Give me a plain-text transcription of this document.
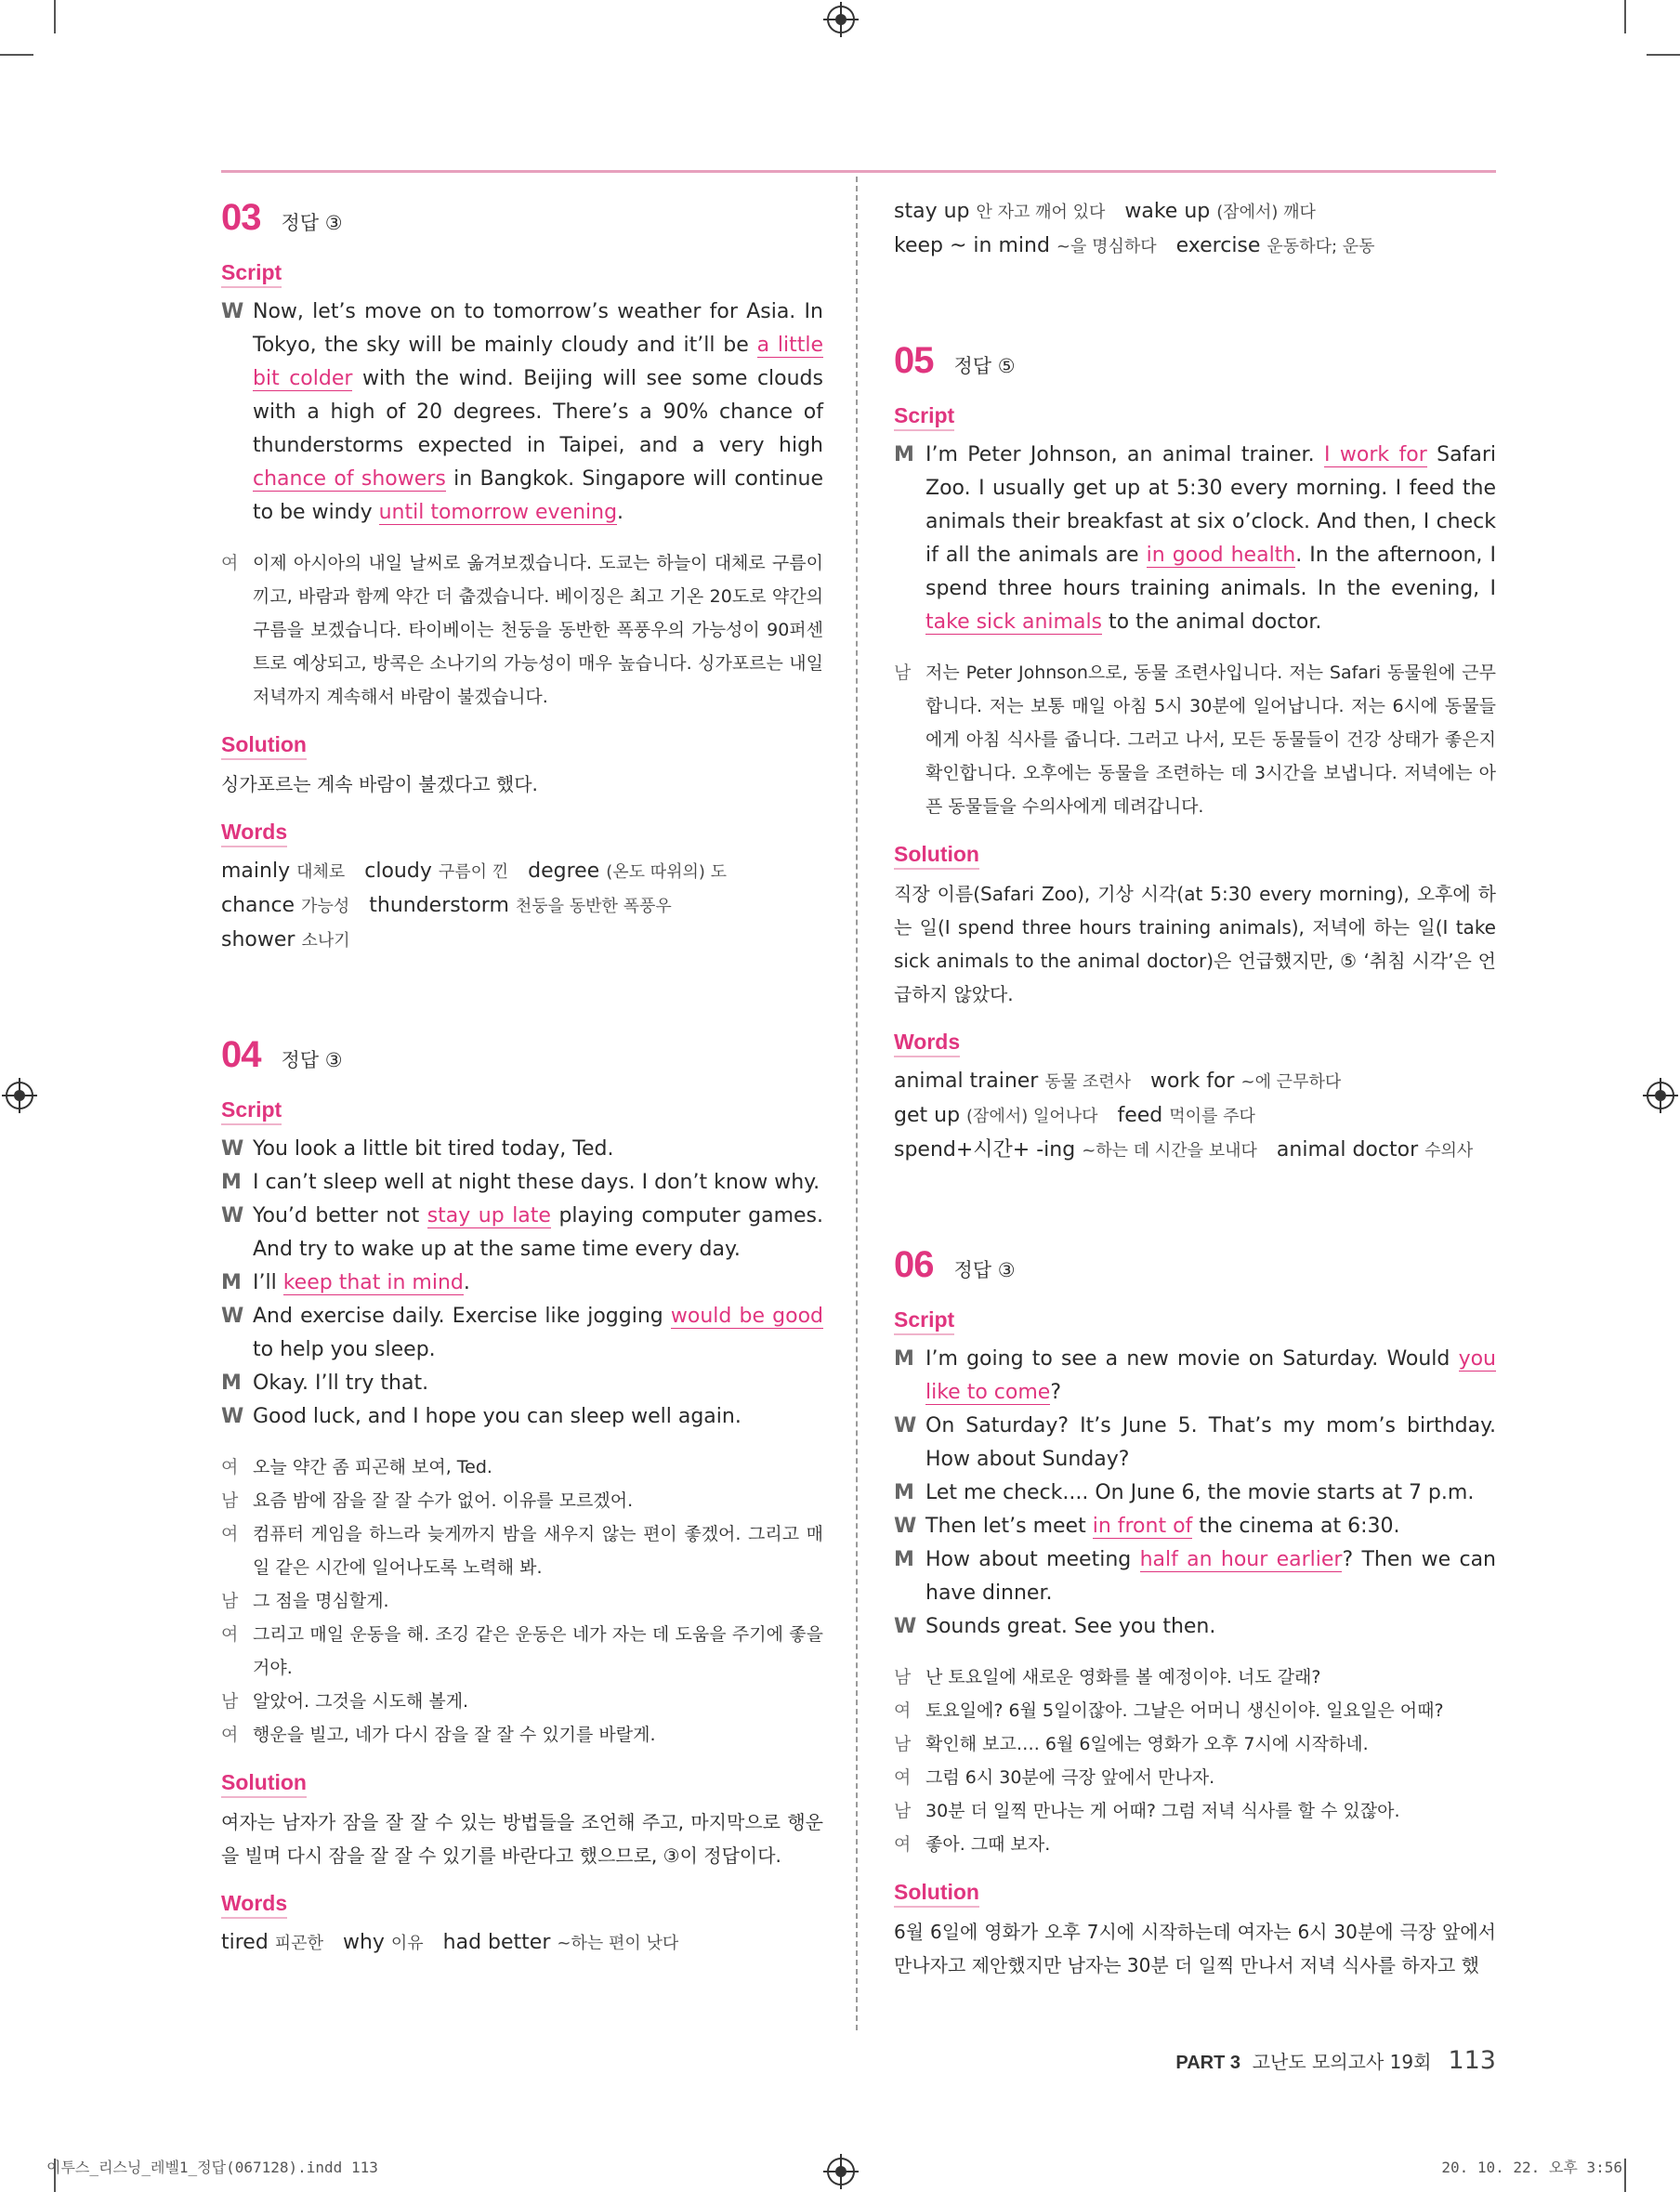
03 정답 ③
Script
W Now, let’s move on to tomorrow’s weather for Asia. In Tokyo, the sky will be mainly cloudy and it’ll be a little bit colder with the wind. Beijing will see some clouds with a high of 20 degrees. There’s a 90% chance of thunderstorms expected in Taipei, and a very high chance of showers in Bangkok. Singapore will continue to be windy until tomorrow evening.
여 이제 아시아의 내일 날씨로 옮겨보겠습니다. 도쿄는 하늘이 대체로 구름이 끼고, 바람과 함께 약간 더 춥겠습니다. 베이징은 최고 기온 20도로 약간의 구름을 보겠습니다. 타이베이는 천둥을 동반한 폭풍우의 가능성이 90퍼센트로 예상되고, 방콕은 소나기의 가능성이 매우 높습니다. 싱가포르는 내일 저녁까지 계속해서 바람이 불겠습니다.
Solution
싱가포르는 계속 바람이 불겠다고 했다.
Words
mainly 대체로   cloudy 구름이 낀   degree (온도 따위의) 도
chance 가능성   thunderstorm 천둥을 동반한 폭풍우
shower 소나기
04 정답 ③
Script
W You look a little bit tired today, Ted.
M I can’t sleep well at night these days. I don’t know why.
W You’d better not stay up late playing computer games. And try to wake up at the same time every day.
M I’ll keep that in mind.
W And exercise daily. Exercise like jogging would be good to help you sleep.
M Okay. I’ll try that.
W Good luck, and I hope you can sleep well again.
여 오늘 약간 좀 피곤해 보여, Ted.
남 요즘 밤에 잠을 잘 잘 수가 없어. 이유를 모르겠어.
여 컴퓨터 게임을 하느라 늦게까지 밤을 새우지 않는 편이 좋겠어. 그리고 매일 같은 시간에 일어나도록 노력해 봐.
남 그 점을 명심할게.
여 그리고 매일 운동을 해. 조깅 같은 운동은 네가 자는 데 도움을 주기에 좋을 거야.
남 알았어. 그것을 시도해 볼게.
여 행운을 빌고, 네가 다시 잠을 잘 잘 수 있기를 바랄게.
Solution
여자는 남자가 잠을 잘 잘 수 있는 방법들을 조언해 주고, 마지막으로 행운을 빌며 다시 잠을 잘 잘 수 있기를 바란다고 했으므로, ③이 정답이다.
Words
tired 피곤한   why 이유   had better ~하는 편이 낫다
stay up 안 자고 깨어 있다   wake up (잠에서) 깨다
keep ~ in mind ~을 명심하다   exercise 운동하다; 운동
05 정답 ⑤
Script
M I’m Peter Johnson, an animal trainer. I work for Safari Zoo. I usually get up at 5:30 every morning. I feed the animals their breakfast at six o’clock. And then, I check if all the animals are in good health. In the afternoon, I spend three hours training animals. In the evening, I take sick animals to the animal doctor.
남 저는 Peter Johnson으로, 동물 조련사입니다. 저는 Safari 동물원에 근무합니다. 저는 보통 매일 아침 5시 30분에 일어납니다. 저는 6시에 동물들에게 아침 식사를 줍니다. 그러고 나서, 모든 동물들이 건강 상태가 좋은지 확인합니다. 오후에는 동물을 조련하는 데 3시간을 보냅니다. 저녁에는 아픈 동물들을 수의사에게 데려갑니다.
Solution
직장 이름(Safari Zoo), 기상 시각(at 5:30 every morning), 오후에 하는 일(I spend three hours training animals), 저녁에 하는 일(I take sick animals to the animal doctor)은 언급했지만, ⑤ ‘취침 시각’은 언급하지 않았다.
Words
animal trainer 동물 조련사   work for ~에 근무하다
get up (잠에서) 일어나다   feed 먹이를 주다
spend+시간+ -ing ~하는 데 시간을 보내다   animal doctor 수의사
06 정답 ③
Script
M I’m going to see a new movie on Saturday. Would you like to come?
W On Saturday? It’s June 5. That’s my mom’s birthday. How about Sunday?
M Let me check.... On June 6, the movie starts at 7 p.m.
W Then let’s meet in front of the cinema at 6:30.
M How about meeting half an hour earlier? Then we can have dinner.
W Sounds great. See you then.
남 난 토요일에 새로운 영화를 볼 예정이야. 너도 갈래?
여 토요일에? 6월 5일이잖아. 그날은 어머니 생신이야. 일요일은 어때?
남 확인해 보고…. 6월 6일에는 영화가 오후 7시에 시작하네.
여 그럼 6시 30분에 극장 앞에서 만나자.
남 30분 더 일찍 만나는 게 어때? 그럼 저녁 식사를 할 수 있잖아.
여 좋아. 그때 보자.
Solution
6월 6일에 영화가 오후 7시에 시작하는데 여자는 6시 30분에 극장 앞에서 만나자고 제안했지만 남자는 30분 더 일찍 만나서 저녁 식사를 하자고 했
PART 3
고난도 모의고사 19회 113
이투스_리스닝_레벨1_정답(067128).indd 113	20. 10. 22. 오후 3:56
